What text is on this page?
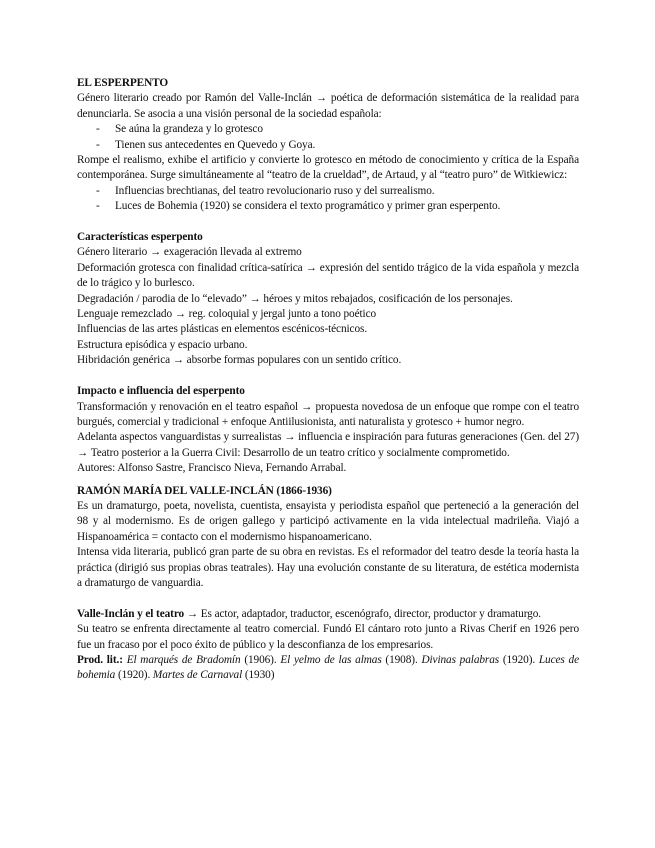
EL ESPERPENTO

Género literario creado por Ramón del Valle-Inclán → poética de deformación sistemática de la realidad para denunciarla. Se asocia a una visión personal de la sociedad española:

- Se aúna la grandeza y lo grotesco
- Tienen sus antecedentes en Quevedo y Goya.

Rompe el realismo, exhibe el artificio y convierte lo grotesco en método de conocimiento y crítica de la España contemporánea. Surge simultáneamente al “teatro de la crueldad”, de Artaud, y al “teatro puro” de Witkiewicz:

- Influencias brechtianas, del teatro revolucionario ruso y del surrealismo.
- Luces de Bohemia (1920) se considera el texto programático y primer gran esperpento.

Características esperpento

Género literario → exageración llevada al extremo

Deformación grotesca con finalidad crítica-satírica → expresión del sentido trágico de la vida española y mezcla de lo trágico y lo burlesco.

Degradación / parodia de lo “elevado” → héroes y mitos rebajados, cosificación de los personajes.

Lenguaje remezclado → reg. coloquial y jergal junto a tono poético

Influencias de las artes plásticas en elementos escénicos-técnicos.

Estructura episódica y espacio urbano.

Hibridación genérica → absorbe formas populares con un sentido crítico.

Impacto e influencia del esperpento

Transformación y renovación en el teatro español → propuesta novedosa de un enfoque que rompe con el teatro burgués, comercial y tradicional + enfoque Antiilusionista, anti naturalista y grotesco + humor negro.

Adelanta aspectos vanguardistas y surrealistas → influencia e inspiración para futuras generaciones (Gen. del 27) → Teatro posterior a la Guerra Civil: Desarrollo de un teatro crítico y socialmente comprometido.

Autores: Alfonso Sastre, Francisco Nieva, Fernando Arrabal.

RAMÓN MARÍA DEL VALLE-INCLÁN (1866-1936)

Es un dramaturgo, poeta, novelista, cuentista, ensayista y periodista español que perteneció a la generación del 98 y al modernismo. Es de origen gallego y participó activamente en la vida intelectual madrileña. Viajó a Hispanoamérica = contacto con el modernismo hispanoamericano.

Intensa vida literaria, publicó gran parte de su obra en revistas. Es el reformador del teatro desde la teoría hasta la práctica (dirigió sus propias obras teatrales). Hay una evolución constante de su literatura, de estética modernista a dramaturgo de vanguardia.

Valle-Inclán y el teatro → Es actor, adaptador, traductor, escenógrafo, director, productor y dramaturgo.

Su teatro se enfrenta directamente al teatro comercial. Fundó El cántaro roto junto a Rivas Cherif en 1926 pero fue un fracaso por el poco éxito de público y la desconfianza de los empresarios.

Prod. lit.: El marqués de Bradomín (1906). El yelmo de las almas (1908). Divinas palabras (1920). Luces de bohemia (1920). Martes de Carnaval (1930)
